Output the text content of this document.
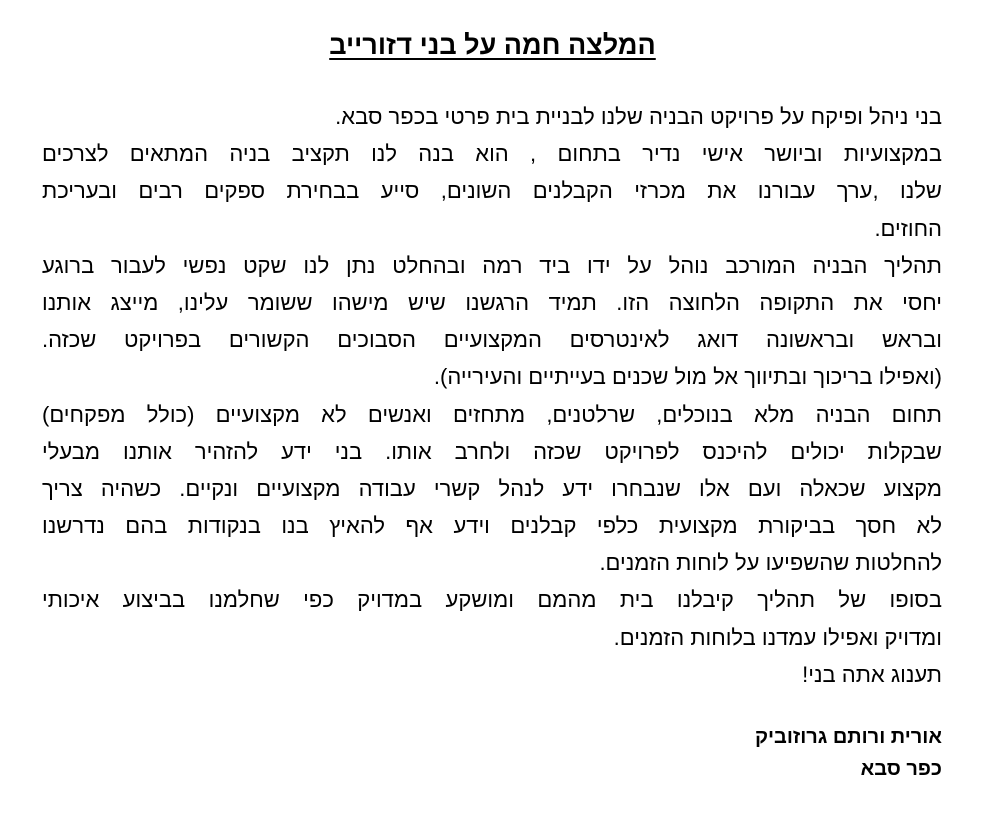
המלצה חמה על בני דזורייב
בני ניהל ופיקח על פרויקט הבניה שלנו לבניית בית פרטי בכפר סבא.
במקצועיות וביושר אישי נדיר בתחום , הוא בנה לנו תקציב בניה המתאים לצרכים
שלנו ,ערך עבורנו את מכרזי הקבלנים השונים, סייע בבחירת ספקים רבים ובעריכת
החוזים.
תהליך הבניה המורכב נוהל על ידו ביד רמה ובהחלט נתן לנו שקט נפשי לעבור ברוגע
יחסי את התקופה הלחוצה הזו. תמיד הרגשנו שיש מישהו ששומר עלינו, מייצג אותנו
ובראש ובראשונה דואג לאינטרסים המקצועיים הסבוכים הקשורים בפרויקט שכזה.
(ואפילו בריכוך ובתיווך אל מול שכנים בעייתיים והעירייה).
תחום הבניה מלא בנוכלים, שרלטנים, מתחזים ואנשים לא מקצועיים (כולל מפקחים)
שבקלות יכולים להיכנס לפרויקט שכזה ולחרב אותו. בני ידע להזהיר אותנו מבעלי
מקצוע שכאלה ועם אלו שנבחרו ידע לנהל קשרי עבודה מקצועיים ונקיים. כשהיה צריך
לא חסך בביקורת מקצועית כלפי קבלנים וידע אף להאיץ בנו בנקודות בהם נדרשנו
להחלטות שהשפיעו על לוחות הזמנים.
בסופו של תהליך קיבלנו בית מהמם ומושקע במדויק כפי שחלמנו בביצוע איכותי
ומדויק ואפילו עמדנו בלוחות הזמנים.
תענוג אתה בני!
אורית ורותם גרוזוביק
כפר סבא
